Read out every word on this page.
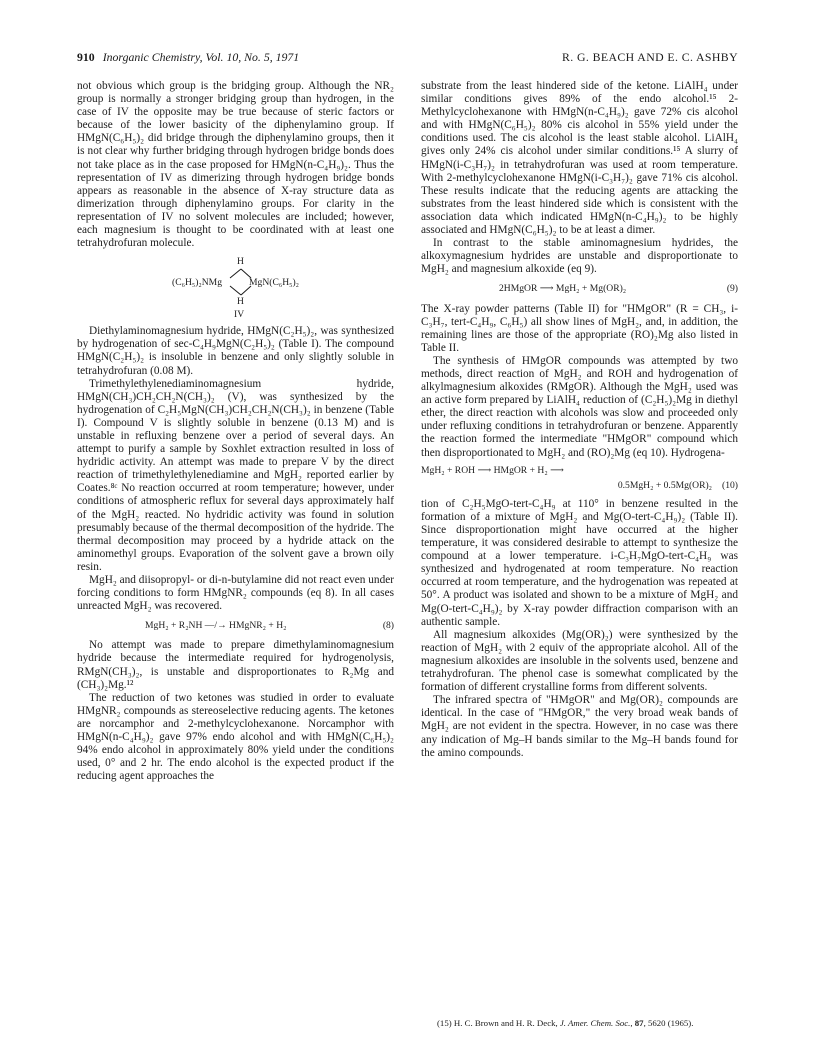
910 Inorganic Chemistry, Vol. 10, No. 5, 1971	R. G. BEACH AND E. C. ASHBY

not obvious which group is the bridging group. Although the NR₂ group is normally a stronger bridging group than hydrogen, in the case of IV the opposite may be true because of steric factors or because of the lower basicity of the diphenylamino group. If HMgN(C₆H₅)₂ did bridge through the diphenylamino groups, then it is not clear why further bridging through hydrogen bridge bonds does not take place as in the case proposed for HMgN(n-C₄H₉)₂. Thus the representation of IV as dimerizing through hydrogen bridge bonds appears as reasonable in the absence of X-ray structure data as dimerization through diphenylamino groups. For clarity in the representation of IV no solvent molecules are included; however, each magnesium is thought to be coordinated with at least one tetrahydrofuran molecule.

H
(C₆H₅)₂NMg	MgN(C₆H₅)₂
H
IV

Diethylaminomagnesium hydride, HMgN(C₂H₅)₂, was synthesized by hydrogenation of sec-C₄H₉MgN(C₂H₅)₂ (Table I). The compound HMgN(C₂H₅)₂ is insoluble in benzene and only slightly soluble in tetrahydrofuran (0.08 M).

Trimethylethylenediaminomagnesium hydride, HMgN(CH₃)CH₂CH₂N(CH₃)₂ (V), was synthesized by the hydrogenation of C₂H₅MgN(CH₃)CH₂CH₂N(CH₃)₂ in benzene (Table I). Compound V is slightly soluble in benzene (0.13 M) and is unstable in refluxing benzene over a period of several days. An attempt to purify a sample by Soxhlet extraction resulted in loss of hydridic activity. An attempt was made to prepare V by the direct reaction of trimethylethylenediamine and MgH₂ reported earlier by Coates.⁸ᶜ No reaction occurred at room temperature; however, under conditions of atmospheric reflux for several days approximately half of the MgH₂ reacted. No hydridic activity was found in solution presumably because of the thermal decomposition of the hydride. The thermal decomposition may proceed by a hydride attack on the aminomethyl groups. Evaporation of the solvent gave a brown oily resin.

MgH₂ and diisopropyl- or di-n-butylamine did not react even under forcing conditions to form HMgNR₂ compounds (eq 8). In all cases unreacted MgH₂ was recovered.

MgH₂ + R₂NH —/→ HMgNR₂ + H₂	(8)

No attempt was made to prepare dimethylaminomagnesium hydride because the intermediate required for hydrogenolysis, RMgN(CH₃)₂, is unstable and disproportionates to R₂Mg and (CH₃)₂Mg.¹²

The reduction of two ketones was studied in order to evaluate HMgNR₂ compounds as stereoselective reducing agents. The ketones are norcamphor and 2-methylcyclohexanone. Norcamphor with HMgN(n-C₄H₉)₂ gave 97% endo alcohol and with HMgN(C₆H₅)₂ 94% endo alcohol in approximately 80% yield under the conditions used, 0° and 2 hr. The endo alcohol is the expected product if the reducing agent approaches the

substrate from the least hindered side of the ketone. LiAlH₄ under similar conditions gives 89% of the endo alcohol.¹⁵ 2-Methylcyclohexanone with HMgN(n-C₄H₉)₂ gave 72% cis alcohol and with HMgN(C₆H₅)₂ 80% cis alcohol in 55% yield under the conditions used. The cis alcohol is the least stable alcohol. LiAlH₄ gives only 24% cis alcohol under similar conditions.¹⁵ A slurry of HMgN(i-C₃H₇)₂ in tetrahydrofuran was used at room temperature. With 2-methylcyclohexanone HMgN(i-C₃H₇)₂ gave 71% cis alcohol. These results indicate that the reducing agents are attacking the substrates from the least hindered side which is consistent with the association data which indicated HMgN(n-C₄H₉)₂ to be highly associated and HMgN(C₆H₅)₂ to be at least a dimer.

In contrast to the stable aminomagnesium hydrides, the alkoxymagnesium hydrides are unstable and disproportionate to MgH₂ and magnesium alkoxide (eq 9).

2HMgOR ⟶ MgH₂ + Mg(OR)₂	(9)

The X-ray powder patterns (Table II) for "HMgOR" (R = CH₃, i-C₃H₇, tert-C₄H₉, C₆H₅) all show lines of MgH₂, and, in addition, the remaining lines are those of the appropriate (RO)₂Mg also listed in Table II.

The synthesis of HMgOR compounds was attempted by two methods, direct reaction of MgH₂ and ROH and hydrogenation of alkylmagnesium alkoxides (RMgOR). Although the MgH₂ used was an active form prepared by LiAlH₄ reduction of (C₂H₅)₂Mg in diethyl ether, the direct reaction with alcohols was slow and proceeded only under refluxing conditions in tetrahydrofuran or benzene. Apparently the reaction formed the intermediate "HMgOR" compound which then disproportionated to MgH₂ and (RO)₂Mg (eq 10). Hydrogena-

MgH₂ + ROH ⟶ HMgOR + H₂ ⟶
0.5MgH₂ + 0.5Mg(OR)₂ (10)

tion of C₂H₅MgO-tert-C₄H₉ at 110° in benzene resulted in the formation of a mixture of MgH₂ and Mg(O-tert-C₄H₉)₂ (Table II). Since disproportionation might have occurred at the higher temperature, it was considered desirable to attempt to synthesize the compound at a lower temperature. i-C₃H₇MgO-tert-C₄H₉ was synthesized and hydrogenated at room temperature. No reaction occurred at room temperature, and the hydrogenation was repeated at 50°. A product was isolated and shown to be a mixture of MgH₂ and Mg(O-tert-C₄H₉)₂ by X-ray powder diffraction comparison with an authentic sample.

All magnesium alkoxides (Mg(OR)₂) were synthesized by the reaction of MgH₂ with 2 equiv of the appropriate alcohol. All of the magnesium alkoxides are insoluble in the solvents used, benzene and tetrahydrofuran. The phenol case is somewhat complicated by the formation of different crystalline forms from different solvents.

The infrared spectra of "HMgOR" and Mg(OR)₂ compounds are identical. In the case of "HMgOR," the very broad weak bands of MgH₂ are not evident in the spectra. However, in no case was there any indication of Mg–H bands similar to the Mg–H bands found for the amino compounds.

(15) H. C. Brown and H. R. Deck, J. Amer. Chem. Soc., 87, 5620 (1965).
